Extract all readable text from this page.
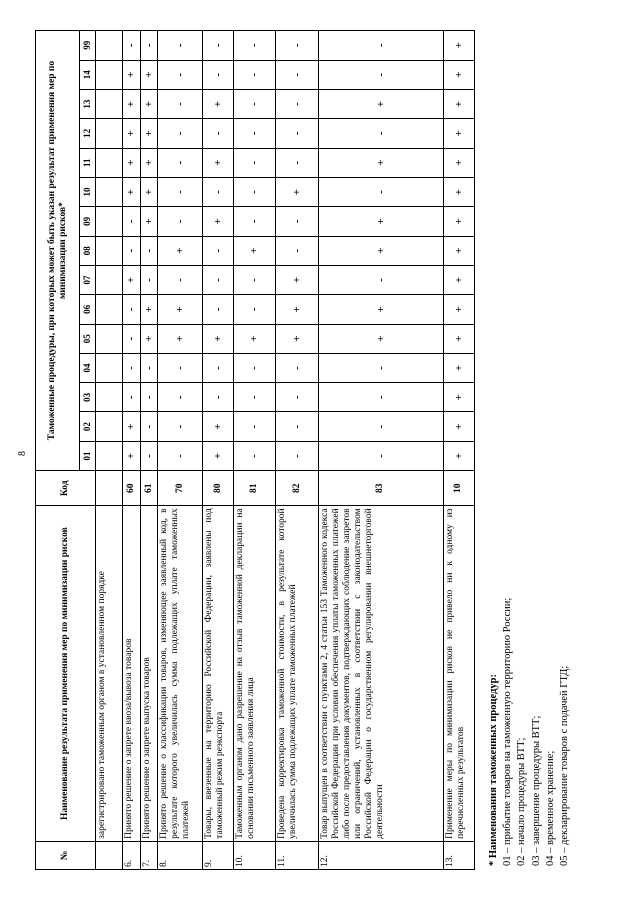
8
№	Наименование результата применения мер по минимизации рисков	Код	Таможенные процедуры, при которых может быть указан результат применения мер по минимизации рисков*														
			01	02	03	04	05	06	07	08	09	10	11	12	13	14	99
	зарегистрировано таможенным органом в установленном порядке																
6.	Принято решение о запрете ввоза/вывоза товаров	60	+	+	-	-	-	-	+	-	-	+	+	+	+	+	-
7.	Принято решение о запрете выпуска товаров	61	-	-	-	-	+	+	-	-	+	+	+	+	+	+	-
8.	Принято решение о классификации товаров, изменяющее заявленный код, в результате которого увеличилась сумма подлежащих уплате таможенных платежей	70	-	-	-	-	+	+	-	+	-	-	-	-	-	-	-
9.	Товары, ввезенные на территорию Российской Федерации, заявлены под таможенный режим реэкспорта	80	+	+	-	-	+	-	-	-	+	-	+	-	+	-	-
10.	Таможенным органом дано разрешение на отзыв таможенной декларации на основании письменного заявления лица	81	-	-	-	-	+	-	-	+	-	-	-	-	-	-	-
11.	Проведена корректировка таможенной стоимости, в результате которой увеличилась сумма подлежащих уплате таможенных платежей	82	-	-	-	-	+	+	+	-	-	+	-	-	-	-	-
12.	Товар выпущен в соответствии с пунктами 2, 4 статьи 153 Таможенного кодекса Российской Федерации при условии обеспечения уплаты таможенных платежей либо после предоставления документов, подтверждающих соблюдение запретов или ограничений, установленных в соответствии с законодательством Российской Федерации о государственном регулировании внешнеторговой деятельности	83	-	-	-	-	+	+	-	+	+	-	+	-	+	-	-
13.	Применение меры по минимизации рисков не привело ни к одному из перечисленных результатов	10	+	+	+	+	+	+	+	+	+	+	+	+	+	+	+
* Наименования таможенных процедур: 01 – прибытие товаров на таможенную территорию России; 02 – начало процедуры ВТТ; 03 – завершение процедуры ВТТ; 04 – временное хранение; 05 – декларирование товаров с подачей ГТД;
